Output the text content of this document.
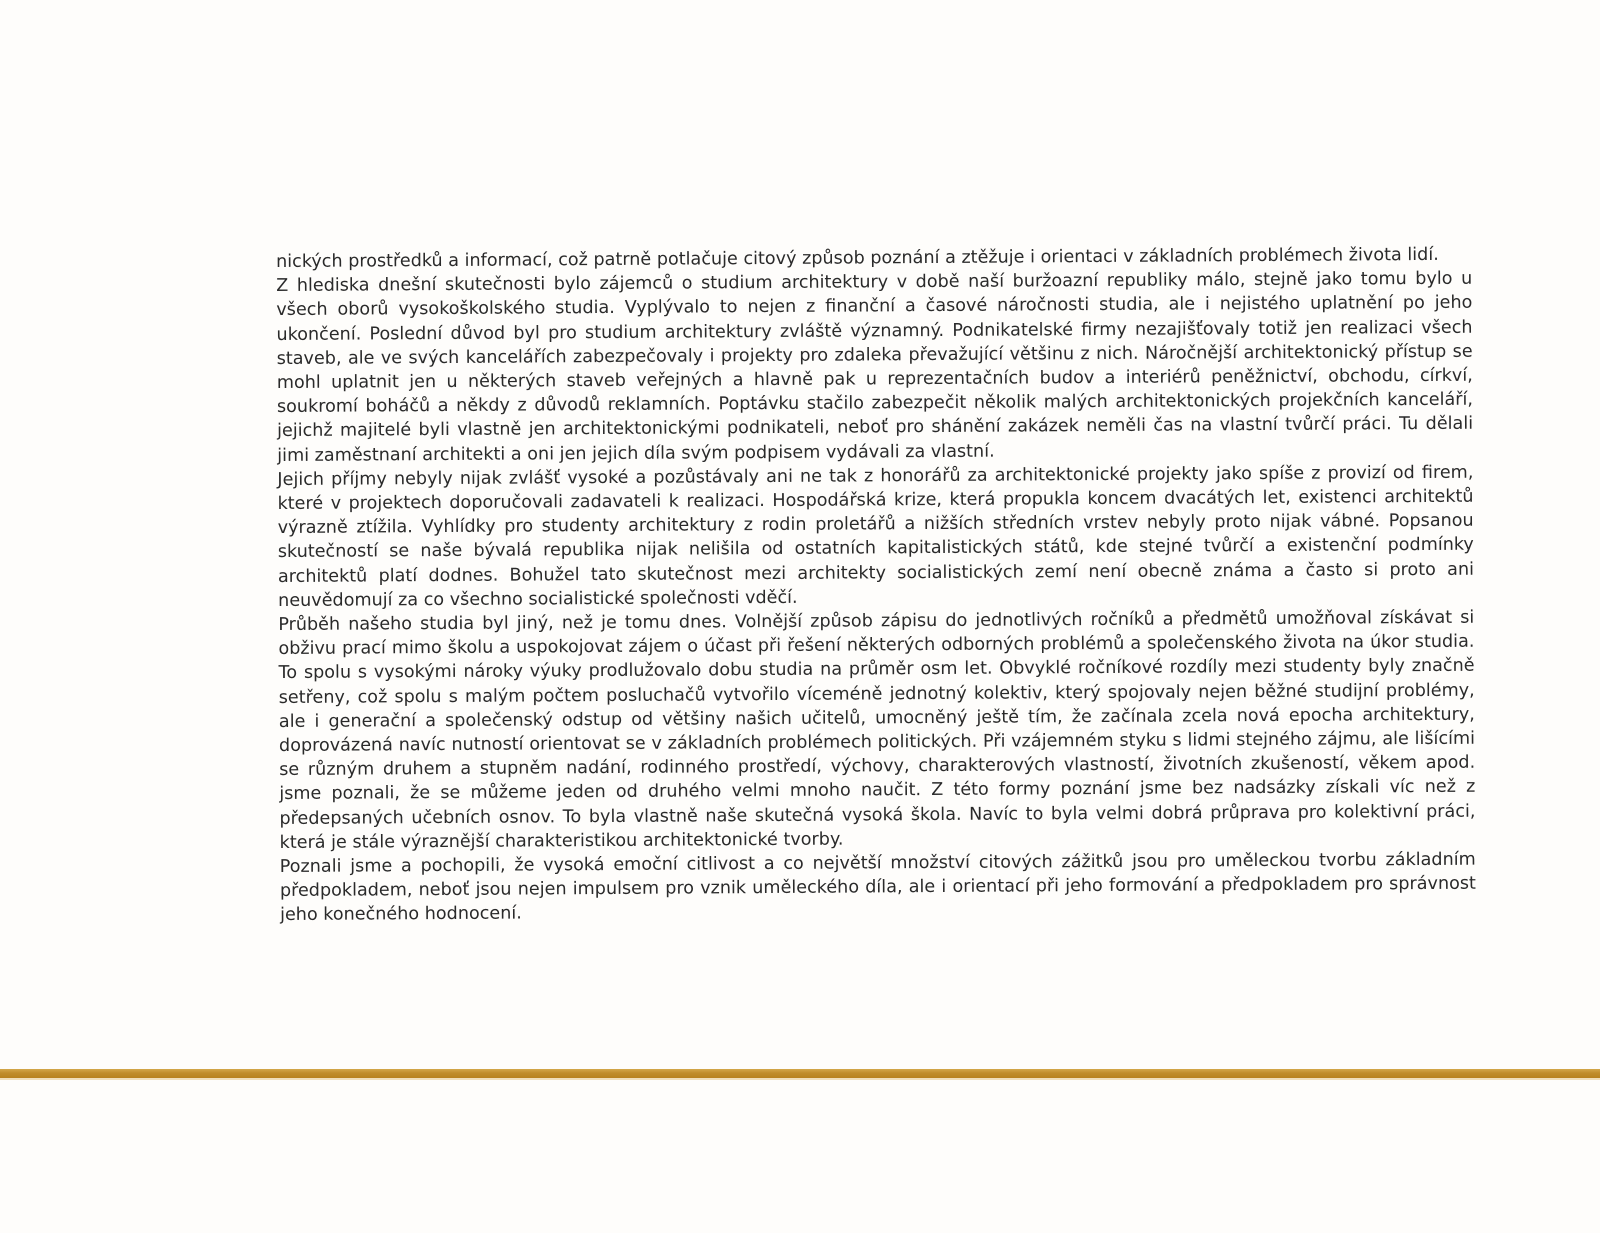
nických prostředků a informací, což patrně potlačuje citový způsob poznání a ztěžuje i orientaci v základních problémech života lidí.

Z hlediska dnešní skutečnosti bylo zájemců o studium architektury v době naší buržoazní republiky málo, stejně jako tomu bylo u všech oborů vysokoškolského studia. Vyplývalo to nejen z finanční a časové náročnosti studia, ale i nejistého uplatnění po jeho ukončení. Poslední důvod byl pro studium architektury zvláště významný. Podnikatelské firmy nezajišťovaly totiž jen realizaci všech staveb, ale ve svých kancelářích zabezpečovaly i projekty pro zdaleka převažující většinu z nich. Náročnější architektonický přístup se mohl uplatnit jen u některých staveb veřejných a hlavně pak u reprezentačních budov a interiérů peněžnictví, obchodu, církví, soukromí boháčů a někdy z důvodů reklamních. Poptávku stačilo zabezpečit několik malých architektonických projekčních kanceláří, jejichž majitelé byli vlastně jen architektonickými podnikateli, neboť pro shánění zakázek neměli čas na vlastní tvůrčí práci. Tu dělali jimi zaměstnaní architekti a oni jen jejich díla svým podpisem vydávali za vlastní.

Jejich příjmy nebyly nijak zvlášť vysoké a pozůstávaly ani ne tak z honorářů za architektonické projekty jako spíše z provizí od firem, které v projektech doporučovali zadavateli k realizaci. Hospodářská krize, která propukla koncem dvacátých let, existenci architektů výrazně ztížila. Vyhlídky pro studenty architektury z rodin proletářů a nižších středních vrstev nebyly proto nijak vábné. Popsanou skutečností se naše bývalá republika nijak nelišila od ostatních kapitalistických států, kde stejné tvůrčí a existenční podmínky architektů platí dodnes. Bohužel tato skutečnost mezi architekty socialistických zemí není obecně známa a často si proto ani neuvědomují za co všechno socialistické společnosti vděčí.

Průběh našeho studia byl jiný, než je tomu dnes. Volnější způsob zápisu do jednotlivých ročníků a předmětů umožňoval získávat si obživu prací mimo školu a uspokojovat zájem o účast při řešení některých odborných problémů a společenského života na úkor studia. To spolu s vysokými nároky výuky prodlužovalo dobu studia na průměr osm let. Obvyklé ročníkové rozdíly mezi studenty byly značně setřeny, což spolu s malým počtem posluchačů vytvořilo víceméně jednotný kolektiv, který spojovaly nejen běžné studijní problémy, ale i generační a společenský odstup od většiny našich učitelů, umocněný ještě tím, že začínala zcela nová epocha architektury, doprovázená navíc nutností orientovat se v základních problémech politických. Při vzájemném styku s lidmi stejného zájmu, ale lišícími se různým druhem a stupněm nadání, rodinného prostředí, výchovy, charakterových vlastností, životních zkušeností, věkem apod. jsme poznali, že se můžeme jeden od druhého velmi mnoho naučit. Z této formy poznání jsme bez nadsázky získali víc než z předepsaných učebních osnov. To byla vlastně naše skutečná vysoká škola. Navíc to byla velmi dobrá průprava pro kolektivní práci, která je stále výraznější charakteristikou architektonické tvorby.

Poznali jsme a pochopili, že vysoká emoční citlivost a co největší množství citových zážitků jsou pro uměleckou tvorbu základním předpokladem, neboť jsou nejen impulsem pro vznik uměleckého díla, ale i orientací při jeho formování a předpokladem pro správnost jeho konečného hodnocení.
